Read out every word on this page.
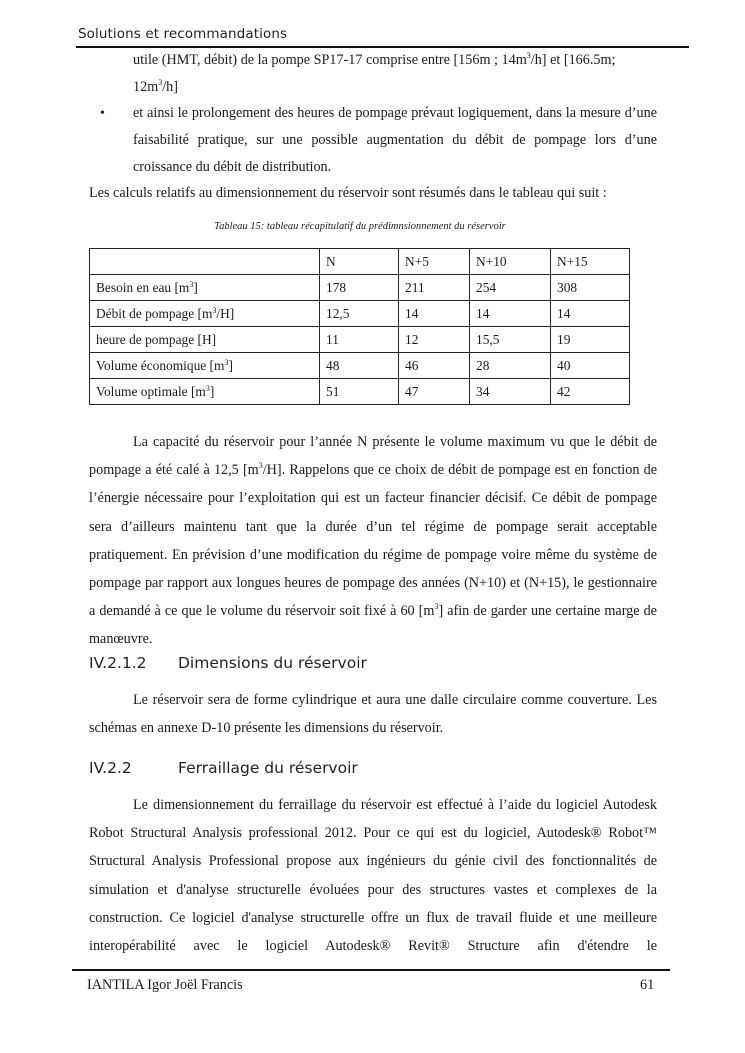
Solutions et recommandations
utile (HMT, débit) de la pompe SP17-17 comprise entre [156m ; $14m^3/h$] et [166.5m;
$12m^3/h$]
• et ainsi le prolongement des heures de pompage prévaut logiquement, dans la mesure d’une faisabilité pratique, sur une possible augmentation du débit de pompage lors d’une croissance du débit de distribution.
Les calculs relatifs au dimensionnement du réservoir sont résumés dans le tableau qui suit :
Tableau 15: tableau récapitulatif du prédimnsionnement du réservoir
	N	N+5	N+10	N+15
Besoin en eau $[m^3]$	178	211	254	308
Débit de pompage $[m^3/H]$	12,5	14	14	14
heure de pompage [H]	11	12	15,5	19
Volume économique $[m^3]$	48	46	28	40
Volume optimale $[m^3]$	51	47	34	42
La capacité du réservoir pour l’année N présente le volume maximum vu que le débit de pompage a été calé à 12,5 $[m^3/H]$. Rappelons que ce choix de débit de pompage est en fonction de l’énergie nécessaire pour l’exploitation qui est un facteur financier décisif. Ce débit de pompage sera d’ailleurs maintenu tant que la durée d’un tel régime de pompage serait acceptable pratiquement. En prévision d’une modification du régime de pompage voire même du système de pompage par rapport aux longues heures de pompage des années (N+10) et (N+15), le gestionnaire a demandé à ce que le volume du réservoir soit fixé à 60 $[m^3]$ afin de garder une certaine marge de manœuvre.
IV.2.1.2 Dimensions du réservoir
Le réservoir sera de forme cylindrique et aura une dalle circulaire comme couverture. Les schémas en annexe D-10 présente les dimensions du réservoir.
IV.2.2	Ferraillage du réservoir
Le dimensionnement du ferraillage du réservoir est effectué à l’aide du logiciel Autodesk Robot Structural Analysis professional 2012. Pour ce qui est du logiciel, Autodesk® Robot™ Structural Analysis Professional propose aux ingénieurs du génie civil des fonctionnalités de simulation et d'analyse structurelle évoluées pour des structures vastes et complexes de la construction. Ce logiciel d'analyse structurelle offre un flux de travail fluide et une meilleure interopérabilité avec le logiciel Autodesk® Revit® Structure afin d'étendre le
IANTILA Igor Joël Francis	61
